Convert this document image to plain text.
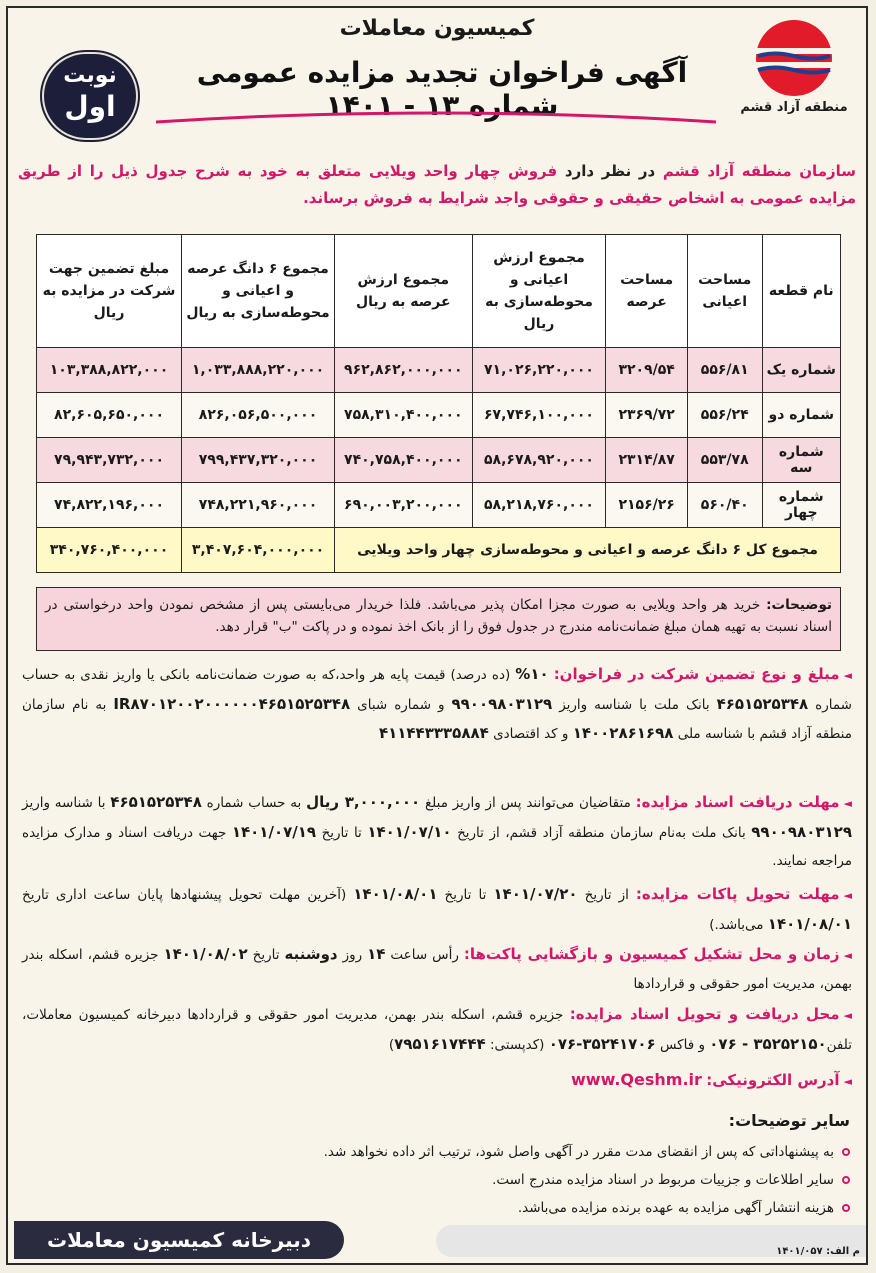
منطقه آزاد قشم
کمیسیون معاملات
آگهی فراخوان تجدید مزایده عمومی شماره ۱۳ - ۱۴۰۱
نوبت
اول
سازمان منطقه آزاد قشم در نظر دارد فروش چهار واحد ویلایی متعلق به خود به شرح جدول ذیل را از طریق مزایده عمومی به اشخاص حقیقی و حقوقی واجد شرایط به فروش برساند.
نام قطعه	مساحت اعیانی	مساحت عرصه	مجموع ارزش اعیانی و محوطه‌سازی به ریال	مجموع ارزش عرصه به ریال	مجموع ۶ دانگ عرصه و اعیانی و محوطه‌سازی به ریال	مبلغ تضمین جهت شرکت در مزایده به ریال
شماره یک	۵۵۶/۸۱	۳۲۰۹/۵۴	۷۱,۰۲۶,۲۲۰,۰۰۰	۹۶۲,۸۶۲,۰۰۰,۰۰۰	۱,۰۳۳,۸۸۸,۲۲۰,۰۰۰	۱۰۳,۳۸۸,۸۲۲,۰۰۰
شماره دو	۵۵۶/۲۴	۲۳۶۹/۷۲	۶۷,۷۴۶,۱۰۰,۰۰۰	۷۵۸,۳۱۰,۴۰۰,۰۰۰	۸۲۶,۰۵۶,۵۰۰,۰۰۰	۸۲,۶۰۵,۶۵۰,۰۰۰
شماره سه	۵۵۳/۷۸	۲۳۱۴/۸۷	۵۸,۶۷۸,۹۲۰,۰۰۰	۷۴۰,۷۵۸,۴۰۰,۰۰۰	۷۹۹,۴۳۷,۳۲۰,۰۰۰	۷۹,۹۴۳,۷۳۲,۰۰۰
شماره چهار	۵۶۰/۴۰	۲۱۵۶/۲۶	۵۸,۲۱۸,۷۶۰,۰۰۰	۶۹۰,۰۰۳,۲۰۰,۰۰۰	۷۴۸,۲۲۱,۹۶۰,۰۰۰	۷۴,۸۲۲,۱۹۶,۰۰۰
مجموع کل ۶ دانگ عرصه و اعیانی و محوطه‌سازی چهار واحد ویلایی					۳,۴۰۷,۶۰۴,۰۰۰,۰۰۰	۳۴۰,۷۶۰,۴۰۰,۰۰۰
توضیحات: خرید هر واحد ویلایی به صورت مجزا امکان پذیر می‌باشد. فلذا خریدار می‌بایستی پس از مشخص نمودن واحد درخواستی در اسناد نسبت به تهیه همان مبلغ ضمانت‌نامه مندرج در جدول فوق را از بانک اخذ نموده و در پاکت "ب" قرار دهد.
◄مبلغ و نوع تضمین شرکت در فراخوان: ۱۰% (ده درصد) قیمت پایه هر واحد،که به صورت ضمانت‌نامه بانکی یا واریز نقدی به حساب شماره ۴۶۵۱۵۲۵۳۴۸ بانک ملت با شناسه واریز ۹۹۰۰۹۸۰۳۱۲۹ و شماره شبای IR۸۷۰۱۲۰۰۲۰۰۰۰۰۰۴۶۵۱۵۲۵۳۴۸ به نام سازمان منطقه آزاد قشم با شناسه ملی ۱۴۰۰۲۸۶۱۶۹۸ و کد اقتصادی ۴۱۱۴۴۳۳۳۵۸۸۴
◄مهلت دریافت اسناد مزایده: متقاضیان می‌توانند پس از واریز مبلغ ۳,۰۰۰,۰۰۰ ریال به حساب شماره ۴۶۵۱۵۲۵۳۴۸ با شناسه واریز ۹۹۰۰۹۸۰۳۱۲۹ بانک ملت به‌نام سازمان منطقه آزاد قشم، از تاریخ ۱۴۰۱/۰۷/۱۰ تا تاریخ ۱۴۰۱/۰۷/۱۹ جهت دریافت اسناد و مدارک مزایده مراجعه نمایند.
◄مهلت تحویل پاکات مزایده: از تاریخ ۱۴۰۱/۰۷/۲۰ تا تاریخ ۱۴۰۱/۰۸/۰۱ (آخرین مهلت تحویل پیشنهادها پایان ساعت اداری تاریخ ۱۴۰۱/۰۸/۰۱ می‌باشد.)
◄زمان و محل تشکیل کمیسیون و بازگشایی پاکت‌ها: رأس ساعت ۱۴ روز دوشنبه تاریخ ۱۴۰۱/۰۸/۰۲ جزیره قشم، اسکله بندر بهمن، مدیریت امور حقوقی و قراردادها
◄محل دریافت و تحویل اسناد مزایده: جزیره قشم، اسکله بندر بهمن، مدیریت امور حقوقی و قراردادها دبیرخانه کمیسیون معاملات، تلفن۳۵۲۵۲۱۵۰ - ۰۷۶ و فاکس ۳۵۲۴۱۷۰۶-۰۷۶ (کدپستی: ۷۹۵۱۶۱۷۴۴۴)
◄آدرس الکترونیکی: www.Qeshm.ir
سایر توضیحات:
به پیشنهاداتی که پس از انقضای مدت مقرر در آگهی واصل شود، ترتیب اثر داده نخواهد شد.
سایر اطلاعات و جزییات مربوط در اسناد مزایده مندرج است.
هزینه انتشار آگهی مزایده به عهده برنده مزایده می‌باشد.
دبیرخانه کمیسیون معاملات	م الف: ۱۴۰۱/۰۵۷
